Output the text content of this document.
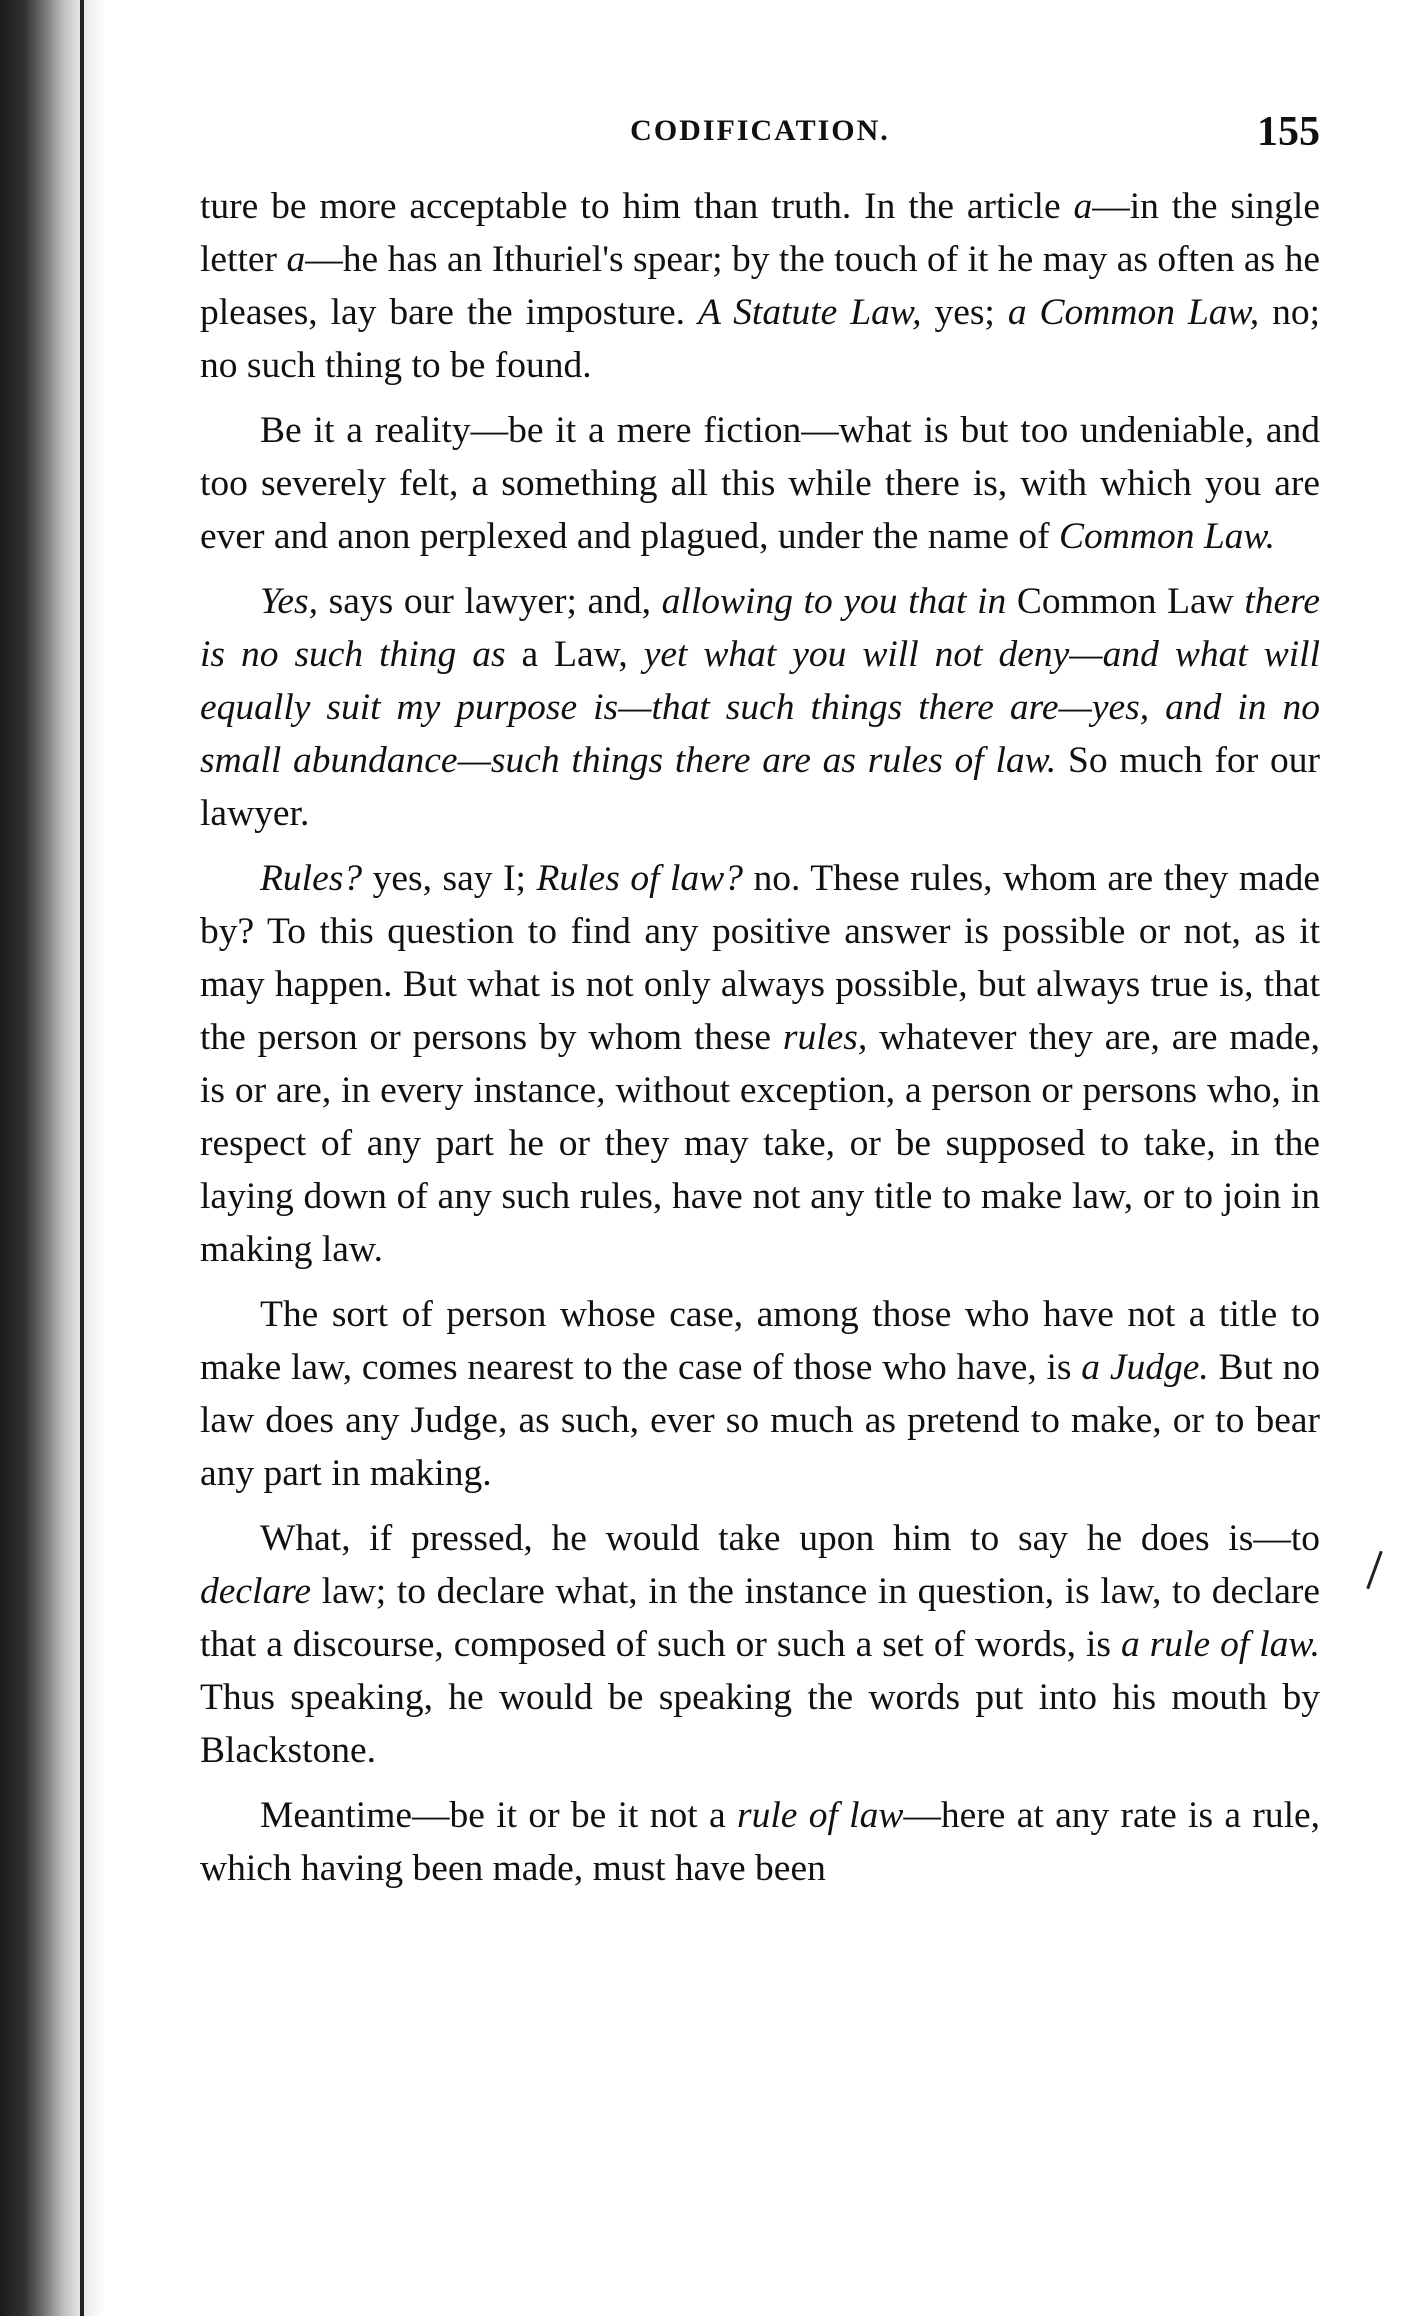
CODIFICATION.	155

ture be more acceptable to him than truth. In the article a—in the single letter a—he has an Ithuriel's spear; by the touch of it he may as often as he pleases, lay bare the imposture. A Statute Law, yes; a Common Law, no; no such thing to be found.

Be it a reality—be it a mere fiction—what is but too undeniable, and too severely felt, a something all this while there is, with which you are ever and anon perplexed and plagued, under the name of Common Law.

Yes, says our lawyer; and, allowing to you that in Common Law there is no such thing as a Law, yet what you will not deny—and what will equally suit my purpose is—that such things there are—yes, and in no small abundance—such things there are as rules of law. So much for our lawyer.

Rules? yes, say I; Rules of law? no. These rules, whom are they made by? To this question to find any positive answer is possible or not, as it may happen. But what is not only always possible, but always true is, that the person or persons by whom these rules, whatever they are, are made, is or are, in every instance, without exception, a person or persons who, in respect of any part he or they may take, or be supposed to take, in the laying down of any such rules, have not any title to make law, or to join in making law.

The sort of person whose case, among those who have not a title to make law, comes nearest to the case of those who have, is a Judge. But no law does any Judge, as such, ever so much as pretend to make, or to bear any part in making.

What, if pressed, he would take upon him to say he does is—to declare law; to declare what, in the instance in question, is law, to declare that a discourse, composed of such or such a set of words, is a rule of law. Thus speaking, he would be speaking the words put into his mouth by Blackstone.

Meantime—be it or be it not a rule of law—here at any rate is a rule, which having been made, must have been
